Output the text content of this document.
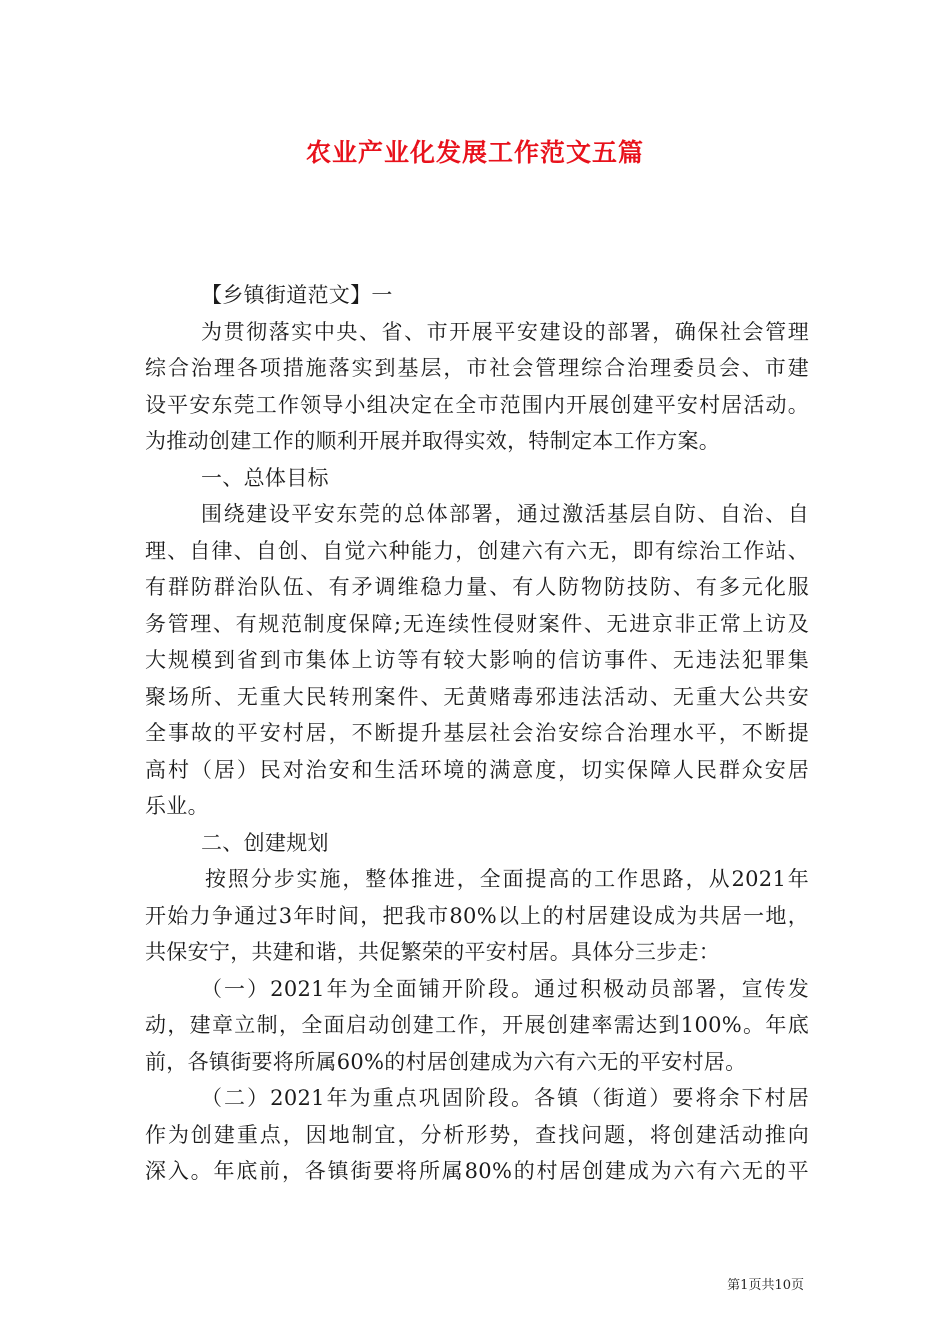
农业产业化发展工作范文五篇
【乡镇街道范文】一
为贯彻落实中央、省、市开展平安建设的部署，确保社会管理
综合治理各项措施落实到基层，市社会管理综合治理委员会、市建
设平安东莞工作领导小组决定在全市范围内开展创建平安村居活动。
为推动创建工作的顺利开展并取得实效，特制定本工作方案。
一、总体目标
围绕建设平安东莞的总体部署，通过激活基层自防、自治、自
理、自律、自创、自觉六种能力，创建六有六无，即有综治工作站、
有群防群治队伍、有矛调维稳力量、有人防物防技防、有多元化服
务管理、有规范制度保障;无连续性侵财案件、无进京非正常上访及
大规模到省到市集体上访等有较大影响的信访事件、无违法犯罪集
聚场所、无重大民转刑案件、无黄赌毒邪违法活动、无重大公共安
全事故的平安村居，不断提升基层社会治安综合治理水平，不断提
高村（居）民对治安和生活环境的满意度，切实保障人民群众安居
乐业。
二、创建规划
按照分步实施，整体推进，全面提高的工作思路，从2021年
开始力争通过3年时间，把我市80%以上的村居建设成为共居一地，
共保安宁，共建和谐，共促繁荣的平安村居。具体分三步走：
（一）2021年为全面铺开阶段。通过积极动员部署，宣传发
动，建章立制，全面启动创建工作，开展创建率需达到100%。年底
前，各镇街要将所属60%的村居创建成为六有六无的平安村居。
（二）2021年为重点巩固阶段。各镇（街道）要将余下村居
作为创建重点，因地制宜，分析形势，查找问题，将创建活动推向
深入。年底前，各镇街要将所属80%的村居创建成为六有六无的平
第1页共10页
